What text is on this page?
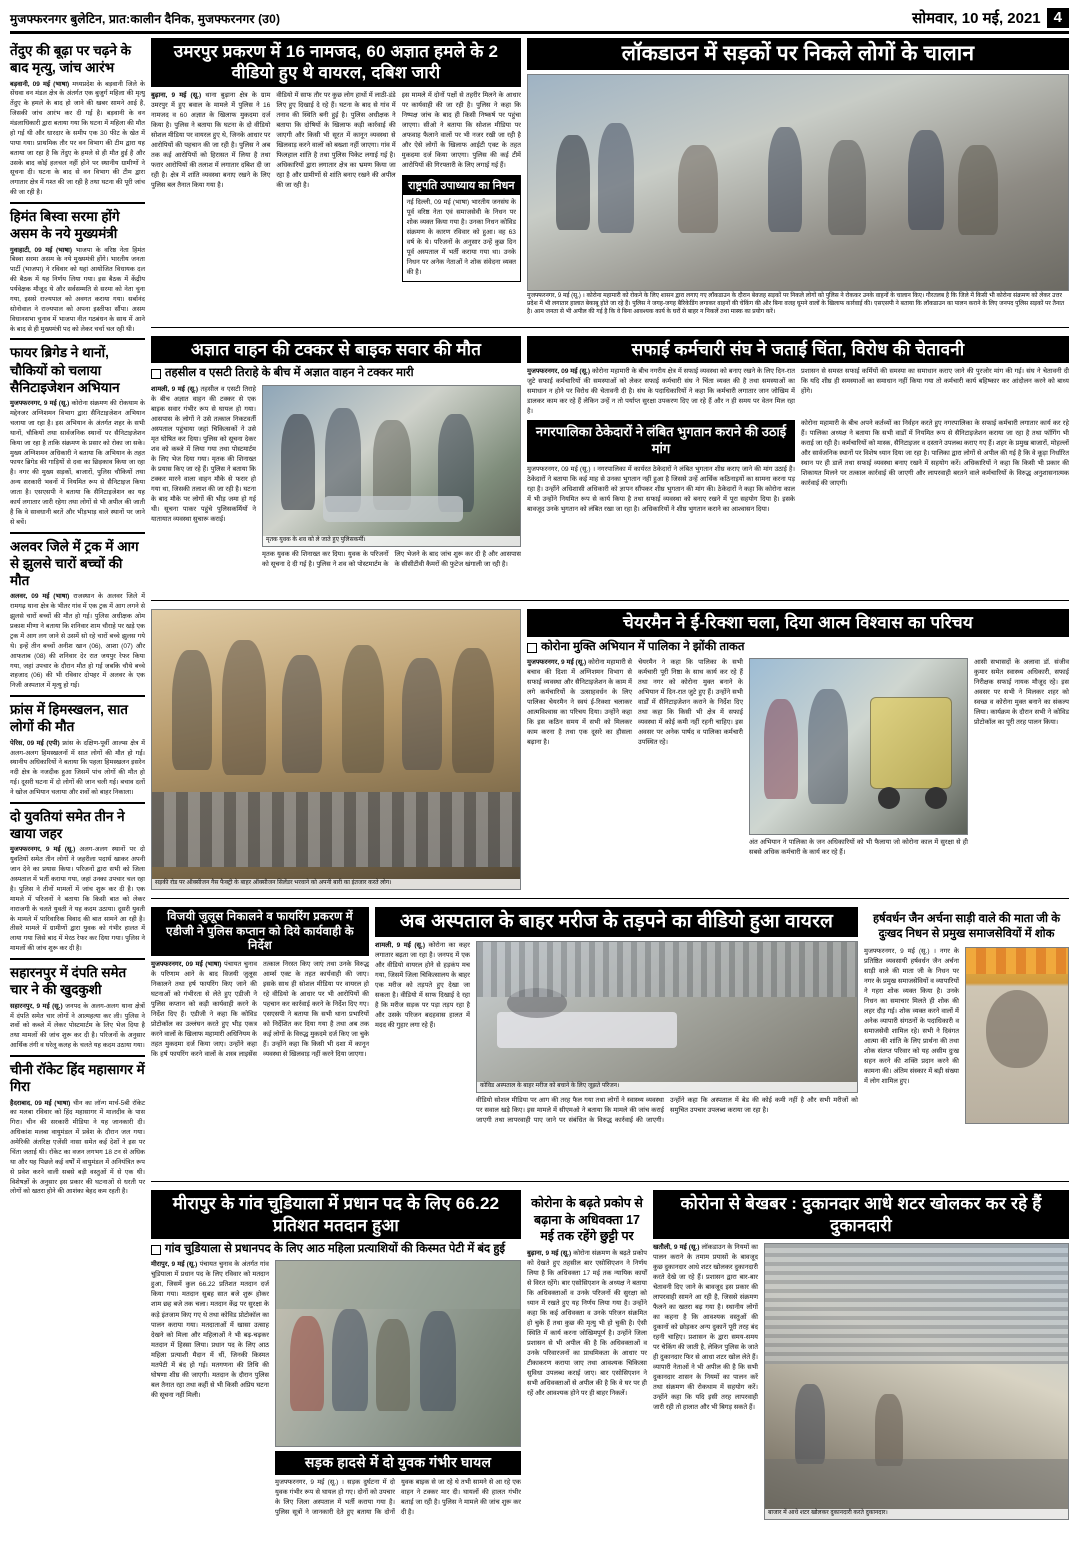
मुजफ्फरनगर बुलेटिन, प्रात:कालीन दैनिक, मुजफ्फरनगर (उ0)	सोमवार, 10 मई, 2021 4
तेंदुए की बूढ़ा पर चढ़ने के बाद मृत्यु, जांच आरंभ
बड़वानी, 09 मई (भाषा) मध्यप्रदेश के बड़वानी जिले के सेंधवा वन मंडल क्षेत्र के अंतर्गत एक बुजुर्ग महिला की मृत्यु तेंदुए के हमले के बाद हो जाने की खबर सामने आई है, जिसकी जांच आरंभ कर दी गई है। बड़वानी के वन मंडलाधिकारी द्वारा बताया गया कि घटना में महिला की मौत हो गई थी और धारदार के समीप एक 30 फीट के खेत में पाया गया। प्राथमिक तौर पर वन विभाग की टीम द्वारा यह बताया जा रहा है कि तेंदुए के हमले से ही मौत हुई है और उसके बाद कोई हलचल नहीं होने पर स्थानीय ग्रामीणों ने सूचना दी। घटना के बाद से वन विभाग की टीम द्वारा लगातार क्षेत्र में गश्त की जा रही है तथा घटना की पूरी जांच की जा रही है।
हिमंत बिस्वा सरमा होंगे असम के नये मुख्यमंत्री
गुवाहाटी, 09 मई (भाषा) भाजपा के वरिष्ठ नेता हिमंत बिस्वा सरमा असम के नये मुख्यमंत्री होंगे। भारतीय जनता पार्टी (भाजपा) ने रविवार को यहां आयोजित विधायक दल की बैठक में यह निर्णय लिया गया। इस बैठक में केंद्रीय पर्यवेक्षक मौजूद थे और सर्वसम्मति से सरमा को नेता चुना गया, इससे राज्यपाल को अवगत कराया गया। सर्बानंद सोनोवाल ने राज्यपाल को अपना इस्तीफा सौंपा। असम विधानसभा चुनाव में भाजपा नीत गठबंधन के साथ में आने के बाद से ही मुख्यमंत्री पद को लेकर चर्चा चल रही थी।
फायर ब्रिगेड ने थानों, चौकियों को चलाया सैनिटाइजेशन अभियान
मुजफ्फरनगर, 9 मई (सू.) कोरोना संक्रमण की रोकथाम के मद्देनजर अग्निशमन विभाग द्वारा सैनिटाइजेशन अभियान चलाया जा रहा है। इस अभियान के अंतर्गत शहर के सभी थानों, चौकियों तथा सार्वजनिक स्थानों पर सैनिटाइजेशन किया जा रहा है ताकि संक्रमण के प्रसार को रोका जा सके। मुख्य अग्निशमन अधिकारी ने बताया कि अभियान के तहत फायर ब्रिगेड की गाड़ियों से दवा का छिड़काव किया जा रहा है। नगर की मुख्य सड़कों, बाजारों, पुलिस चौकियों तथा अन्य सरकारी भवनों में नियमित रूप से सैनिटाइज किया जाता है। एसएसपी ने बताया कि सैनिटाइजेशन का यह कार्य लगातार जारी रहेगा तथा लोगों से भी अपील की जाती है कि वे सावधानी बरतें और भीड़भाड़ वाले स्थानों पर जाने से बचें।
अलवर जिले में ट्रक में आग से झुलसे चारों बच्चों की मौत
अलवर, 09 मई (भाषा) राजस्थान के अलवर जिले में रामगढ़ थाना क्षेत्र के भीतर गांव में एक ट्रक में आग लगने से झुलसे चारों बच्चों की मौत हो गई। पुलिस अधीक्षक ओम प्रकाश मीणा ने बताया कि शनिवार शाम चौराहे पर खड़े एक ट्रक में आग लग जाने से उसमें सो रहे चारों बच्चे झुलस गये थे। इन्हें तीन बच्चों अनीश खान (06), आशा (07) और आफताब (08) की शनिवार देर रात जयपुर रेफर किया गया, जहां उपचार के दौरान मौत हो गई जबकि चौथे बच्चे शहजाद (06) की भी रविवार दोपहर में अलवर के एक निजी अस्पताल में मृत्यु हो गई।
फ्रांस में हिमस्खलन, सात लोगों की मौत
पेरिस, 09 मई (एपी) फ्रांस के दक्षिण-पूर्वी आल्प्स क्षेत्र में अलग-अलग हिमस्खलनों में सात लोगों की मौत हो गई। स्थानीय अधिकारियों ने बताया कि पहला हिमस्खलन इसरेन नदी क्षेत्र के नजदीक हुआ जिसमें पांच लोगों की मौत हो गई। दूसरी घटना में दो लोगों की जान चली गई। बचाव दलों ने खोज अभियान चलाया और शवों को बाहर निकाला।
दो युवतियां समेत तीन ने खाया जहर
मुजफ्फरनगर, 9 मई (सू.) अलग-अलग स्थानों पर दो युवतियों समेत तीन लोगों ने जहरीला पदार्थ खाकर अपनी जान देने का प्रयास किया। परिजनों द्वारा सभी को जिला अस्पताल में भर्ती कराया गया, जहां उनका उपचार चल रहा है। पुलिस ने तीनों मामलों में जांच शुरू कर दी है। एक मामले में परिजनों ने बताया कि किसी बात को लेकर नाराजगी के चलते युवती ने यह कदम उठाया। दूसरी युवती के मामले में पारिवारिक विवाद की बात सामने आ रही है। तीसरे मामले में ग्रामीणों द्वारा युवक को गंभीर हालत में लाया गया जिसे बाद में मेरठ रेफर कर दिया गया। पुलिस ने मामलों की जांच शुरू कर दी है।
सहारनपुर में दंपति समेत चार ने की खुदकुशी
सहारनपुर, 9 मई (सू.) जनपद के अलग-अलग थाना क्षेत्रों में दंपति समेत चार लोगों ने आत्महत्या कर ली। पुलिस ने शवों को कब्जे में लेकर पोस्टमार्टम के लिए भेज दिया है तथा मामलों की जांच शुरू कर दी है। परिजनों के अनुसार आर्थिक तंगी व घरेलू कलह के चलते यह कदम उठाया गया।
चीनी रॉकेट हिंद महासागर में गिरा
हैदराबाद, 09 मई (भाषा) चीन का लॉन्ग मार्च-5बी रॉकेट का मलबा रविवार को हिंद महासागर में मालदीव के पास गिरा। चीन की सरकारी मीडिया ने यह जानकारी दी। अधिकांश मलबा वायुमंडल में प्रवेश के दौरान जल गया। अमेरिकी अंतरिक्ष एजेंसी नासा समेत कई देशों ने इस पर चिंता जताई थी। रॉकेट का वजन लगभग 18 टन से अधिक था और यह पिछले कई वर्षों में वायुमंडल में अनियंत्रित रूप से प्रवेश करने वाली सबसे बड़ी वस्तुओं में से एक थी। विशेषज्ञों के अनुसार इस प्रकार की घटनाओं से धरती पर लोगों को खतरा होने की आशंका बेहद कम रहती है।
उमरपुर प्रकरण में 16 नामजद, 60 अज्ञात हमले के 2 वीडियो हुए थे वायरल, दबिश जारी
बुढ़ाना, 9 मई (सू.) थाना बुढ़ाना क्षेत्र के ग्राम उमरपुर में हुए बवाल के मामले में पुलिस ने 16 नामजद व 60 अज्ञात के खिलाफ मुकदमा दर्ज किया है। पुलिस ने बताया कि घटना के दो वीडियो सोशल मीडिया पर वायरल हुए थे, जिनके आधार पर आरोपियों की पहचान की जा रही है। पुलिस ने अब तक कई आरोपियों को हिरासत में लिया है तथा फरार आरोपियों की तलाश में लगातार दबिश दी जा रही है। क्षेत्र में शांति व्यवस्था बनाए रखने के लिए पुलिस बल तैनात किया गया है।
वीडियो में साफ तौर पर कुछ लोग हाथों में लाठी-डंडे लिए हुए दिखाई दे रहे हैं। घटना के बाद से गांव में तनाव की स्थिति बनी हुई है। पुलिस अधीक्षक ने बताया कि दोषियों के खिलाफ कड़ी कार्रवाई की जाएगी और किसी भी सूरत में कानून व्यवस्था से खिलवाड़ करने वालों को बख्शा नहीं जाएगा। गांव में फिलहाल शांति है तथा पुलिस पिकेट लगाई गई है। अधिकारियों द्वारा लगातार क्षेत्र का भ्रमण किया जा रहा है और ग्रामीणों से शांति बनाए रखने की अपील की जा रही है।
इस मामले में दोनों पक्षों से तहरीर मिलने के आधार पर कार्यवाही की जा रही है। पुलिस ने कहा कि निष्पक्ष जांच के बाद ही किसी निष्कर्ष पर पहुंचा जाएगा। सीओ ने बताया कि सोशल मीडिया पर अफवाह फैलाने वालों पर भी नजर रखी जा रही है और ऐसे लोगों के खिलाफ आईटी एक्ट के तहत मुकदमा दर्ज किया जाएगा। पुलिस की कई टीमें आरोपियों की गिरफ्तारी के लिए लगाई गई हैं।
राष्ट्रपति उपाध्याय का निधन
नई दिल्ली, 09 मई (भाषा) भारतीय जनसंघ के पूर्व वरिष्ठ नेता एवं समाजसेवी के निधन पर शोक व्यक्त किया गया है। उनका निधन कोविड संक्रमण के कारण रविवार को हुआ। वह 63 वर्ष के थे। परिजनों के अनुसार उन्हें कुछ दिन पूर्व अस्पताल में भर्ती कराया गया था। उनके निधन पर अनेक नेताओं ने शोक संवेदना व्यक्त की है।
लॉकडाउन में सड़कों पर निकले लोगों के चालान
मुजफ्फरनगर, 9 मई (सू.) । कोरोना महामारी को रोकने के लिए शासन द्वारा लगाए गए लॉकडाउन के दौरान बेवजह सड़कों पर निकले लोगों को पुलिस ने रोककर उनके वाहनों के चालान किए। गौरतलब है कि जिले में किसी भी कोरोना संक्रमण को लेकर उत्तर प्रदेश में भी लगातार हालात बेकाबू होते जा रहे हैं। पुलिस ने जगह-जगह बैरिकेडिंग लगाकर वाहनों की चेकिंग की और बिना वजह घूमने वालों के खिलाफ कार्रवाई की। एसएसपी ने बताया कि लॉकडाउन का पालन कराने के लिए जनपद पुलिस सड़कों पर तैनात है। आम जनता से भी अपील की गई है कि वे बिना आवश्यक कार्य के घरों से बाहर न निकलें तथा मास्क का प्रयोग करें।
अज्ञात वाहन की टक्कर से बाइक सवार की मौत
तहसील व एसटी तिराहे के बीच में अज्ञात वाहन ने टक्कर मारी
शामली, 9 मई (सू.) तहसील व एसटी तिराहे के बीच अज्ञात वाहन की टक्कर से एक बाइक सवार गंभीर रूप से घायल हो गया। आसपास के लोगों ने उसे तत्काल निकटवर्ती अस्पताल पहुंचाया जहां चिकित्सकों ने उसे मृत घोषित कर दिया। पुलिस को सूचना देकर शव को कब्जे में लिया गया तथा पोस्टमार्टम के लिए भेज दिया गया। मृतक की शिनाख्त के प्रयास किए जा रहे हैं। पुलिस ने बताया कि टक्कर मारने वाला वाहन मौके से फरार हो गया था, जिसकी तलाश की जा रही है। घटना के बाद मौके पर लोगों की भीड़ जमा हो गई थी। सूचना पाकर पहुंचे पुलिसकर्मियों ने यातायात व्यवस्था सुचारू कराई।
मृतक युवक के शव को ले जाते हुए पुलिसकर्मी।
मृतक युवक की शिनाख्त कर दिया। युवक के परिजनों को सूचना दे दी गई है। पुलिस ने शव को पोस्टमार्टम के लिए भेजने के बाद जांच शुरू कर दी है और आसपास के सीसीटीवी कैमरों की फुटेज खंगाली जा रही है।
सफाई कर्मचारी संघ ने जताई चिंता, विरोध की चेतावनी
मुजफ्फरनगर, 09 मई (सू.) कोरोना महामारी के बीच नगरीय क्षेत्र में सफाई व्यवस्था को बनाए रखने के लिए दिन-रात जुटे सफाई कर्मचारियों की समस्याओं को लेकर सफाई कर्मचारी संघ ने चिंता व्यक्त की है तथा समस्याओं का समाधान न होने पर विरोध की चेतावनी दी है। संघ के पदाधिकारियों ने कहा कि कर्मचारी लगातार जान जोखिम में डालकर काम कर रहे हैं लेकिन उन्हें न तो पर्याप्त सुरक्षा उपकरण दिए जा रहे हैं और न ही समय पर वेतन मिल रहा है।
नगरपालिका ठेकेदारों ने लंबित भुगतान कराने की उठाई मांग
मुजफ्फरनगर, 09 मई (सू.) । नगरपालिका में कार्यरत ठेकेदारों ने लंबित भुगतान शीघ्र कराए जाने की मांग उठाई है। ठेकेदारों ने बताया कि कई माह से उनका भुगतान नहीं हुआ है जिससे उन्हें आर्थिक कठिनाइयों का सामना करना पड़ रहा है। उन्होंने अधिशासी अधिकारी को ज्ञापन सौंपकर शीघ्र भुगतान की मांग की। ठेकेदारों ने कहा कि कोरोना काल में भी उन्होंने नियमित रूप से कार्य किया है तथा सफाई व्यवस्था को बनाए रखने में पूरा सहयोग दिया है। इसके बावजूद उनके भुगतान को लंबित रखा जा रहा है। अधिकारियों ने शीघ्र भुगतान कराने का आश्वासन दिया।
प्रशासन से समस्त सफाई कर्मियों की समस्या का समाधान कराए जाने की पुरजोर मांग की गई। संघ ने चेतावनी दी कि यदि शीघ्र ही समस्याओं का समाधान नहीं किया गया तो कर्मचारी कार्य बहिष्कार कर आंदोलन करने को बाध्य होंगे।
कोरोना महामारी के बीच अपने कर्तव्यों का निर्वहन करते हुए नगरपालिका के सफाई कर्मचारी लगातार कार्य कर रहे हैं। पालिका अध्यक्ष ने बताया कि सभी वार्डों में नियमित रूप से सैनिटाइजेशन कराया जा रहा है तथा फॉगिंग भी कराई जा रही है। कर्मचारियों को मास्क, सैनिटाइजर व दस्ताने उपलब्ध कराए गए हैं। शहर के प्रमुख बाजारों, मोहल्लों और सार्वजनिक स्थानों पर विशेष ध्यान दिया जा रहा है। पालिका द्वारा लोगों से अपील की गई है कि वे कूड़ा निर्धारित स्थान पर ही डालें तथा सफाई व्यवस्था बनाए रखने में सहयोग करें। अधिकारियों ने कहा कि किसी भी प्रकार की शिकायत मिलने पर तत्काल कार्रवाई की जाएगी और लापरवाही बरतने वाले कर्मचारियों के विरुद्ध अनुशासनात्मक कार्रवाई की जाएगी।
सड़की रोड पर ऑक्सीजन गैस फैक्ट्री के बाहर ऑक्सीजन सिलेंडर भरवाने को अपनी बारी का इंतजार करते लोग।
चेयरमैन ने ई-रिक्शा चला, दिया आत्म विश्वास का परिचय
कोरोना मुक्ति अभियान में पालिका ने झोंकी ताकत
मुजफ्फरनगर, 9 मई (सू.) कोरोना महामारी से बचाव की दिशा में अग्निशमन विभाग से सफाई व्यवस्था और सैनिटाइजेशन के काम में लगे कर्मचारियों के उत्साहवर्धन के लिए पालिका चेयरमैन ने स्वयं ई-रिक्शा चलाकर आत्मविश्वास का परिचय दिया। उन्होंने कहा कि इस कठिन समय में सभी को मिलकर काम करना है तथा एक दूसरे का हौसला बढ़ाना है।
चेयरमैन ने कहा कि पालिका के सभी कर्मचारी पूरी निष्ठा के साथ कार्य कर रहे हैं तथा नगर को कोरोना मुक्त बनाने के अभियान में दिन-रात जुटे हुए हैं। उन्होंने सभी वार्डों में सैनिटाइजेशन कराने के निर्देश दिए तथा कहा कि किसी भी क्षेत्र में सफाई व्यवस्था में कोई कमी नहीं रहनी चाहिए। इस अवसर पर अनेक पार्षद व पालिका कर्मचारी उपस्थित रहे।
अंत अभियान ने पालिका के जन अधिकारियों को भी फैलाया जो कोरोना काल में सुरक्षा से ही सबसे अधिक कर्मचारी के कार्य कर रहे हैं।
आसी सभासदों के अलावा डॉ. संजीव कुमार समेत स्वास्थ्य अधिकारी, सफाई निरीक्षक सफाई नायक मौजूद रहे। इस अवसर पर सभी ने मिलकर शहर को स्वच्छ व कोरोना मुक्त बनाने का संकल्प लिया। कार्यक्रम के दौरान सभी ने कोविड प्रोटोकॉल का पूरी तरह पालन किया।
विजयी जुलूस निकालने व फायरिंग प्रकरण में एडीजी ने पुलिस कप्तान को दिये कार्यवाही के निर्देश
मुजफ्फरनगर, 09 मई (भाषा) पंचायत चुनाव के परिणाम आने के बाद विजयी जुलूस निकालने तथा हर्ष फायरिंग किए जाने की घटनाओं को गंभीरता से लेते हुए एडीजी ने पुलिस कप्तान को कड़ी कार्यवाही करने के निर्देश दिए हैं। एडीजी ने कहा कि कोविड प्रोटोकॉल का उल्लंघन करते हुए भीड़ एकत्र करने वालों के खिलाफ महामारी अधिनियम के तहत मुकदमा दर्ज किया जाए। उन्होंने कहा कि हर्ष फायरिंग करने वालों के शस्त्र लाइसेंस तत्काल निरस्त किए जाएं तथा उनके विरुद्ध आर्म्स एक्ट के तहत कार्यवाही की जाए। इसके साथ ही सोशल मीडिया पर वायरल हो रहे वीडियो के आधार पर भी आरोपियों की पहचान कर कार्रवाई करने के निर्देश दिए गए। एसएसपी ने बताया कि सभी थाना प्रभारियों को निर्देशित कर दिया गया है तथा अब तक कई लोगों के विरुद्ध मुकदमे दर्ज किए जा चुके हैं। उन्होंने कहा कि किसी भी दशा में कानून व्यवस्था से खिलवाड़ नहीं करने दिया जाएगा।
अब अस्पताल के बाहर मरीज के तड़पने का वीडियो हुआ वायरल
शामली, 9 मई (सू.) कोरोना का कहर लगातार बढ़ता जा रहा है। जनपद में एक और वीडियो वायरल होने से हड़कंप मच गया, जिसमें जिला चिकित्सालय के बाहर एक मरीज को तड़पते हुए देखा जा सकता है। वीडियो में साफ दिखाई दे रहा है कि मरीज सड़क पर पड़ा तड़प रहा है और उसके परिजन बदहवास हालत में मदद की गुहार लगा रहे हैं।
कोविड अस्पताल के बाहर मरीज को बचाने के लिए जूझते परिजन।
वीडियो सोशल मीडिया पर आग की तरह फैल गया तथा लोगों ने स्वास्थ्य व्यवस्था पर सवाल खड़े किए। इस मामले में सीएमओ ने बताया कि मामले की जांच कराई जाएगी तथा लापरवाही पाए जाने पर संबंधित के विरुद्ध कार्रवाई की जाएगी। उन्होंने कहा कि अस्पताल में बेड की कोई कमी नहीं है और सभी मरीजों को समुचित उपचार उपलब्ध कराया जा रहा है।
हर्षवर्धन जैन अर्चना साड़ी वाले की माता जी के दुःखद निधन से प्रमुख समाजसेवियों में शोक
मुजफ्फरनगर, 9 मई (सू.) । नगर के प्रतिष्ठित व्यवसायी हर्षवर्धन जैन अर्चना साड़ी वाले की माता जी के निधन पर नगर के प्रमुख समाजसेवियों व व्यापारियों ने गहरा शोक व्यक्त किया है। उनके निधन का समाचार मिलते ही शोक की लहर दौड़ गई। शोक व्यक्त करने वालों में अनेक व्यापारी संगठनों के पदाधिकारी व समाजसेवी शामिल रहे। सभी ने दिवंगत आत्मा की शांति के लिए प्रार्थना की तथा शोक संतप्त परिवार को यह असीम दुःख सहन करने की शक्ति प्रदान करने की कामना की। अंतिम संस्कार में बड़ी संख्या में लोग शामिल हुए।
मीरापुर के गांव चुडि़याला में प्रधान पद के लिए 66.22 प्रतिशत मतदान हुआ
गांव चुडि़याला से प्रधानपद के लिए आठ महिला प्रत्याशियों की किस्मत पेटी में बंद हुई
मीरापुर, 9 मई (सू.) पंचायत चुनाव के अंतर्गत गांव चुडि़याला में प्रधान पद के लिए रविवार को मतदान हुआ, जिसमें कुल 66.22 प्रतिशत मतदान दर्ज किया गया। मतदान सुबह सात बजे शुरू होकर शाम छह बजे तक चला। मतदान केंद्र पर सुरक्षा के कड़े इंतजाम किए गए थे तथा कोविड प्रोटोकॉल का पालन कराया गया। मतदाताओं में खासा उत्साह देखने को मिला और महिलाओं ने भी बढ़-चढ़कर मतदान में हिस्सा लिया। प्रधान पद के लिए आठ महिला प्रत्याशी मैदान में थीं, जिनकी किस्मत मतपेटी में बंद हो गई। मतगणना की तिथि की घोषणा शीघ्र की जाएगी। मतदान के दौरान पुलिस बल तैनात रहा तथा कहीं से भी किसी अप्रिय घटना की सूचना नहीं मिली।
सड़क हादसे में दो युवक गंभीर घायल
मुजफ्फरनगर, 9 मई (सू.) । सड़क दुर्घटना में दो युवक गंभीर रूप से घायल हो गए। दोनों को उपचार के लिए जिला अस्पताल में भर्ती कराया गया है। पुलिस सूत्रों ने जानकारी देते हुए बताया कि दोनों युवक बाइक से जा रहे थे तभी सामने से आ रहे एक वाहन ने टक्कर मार दी। घायलों की हालत गंभीर बताई जा रही है। पुलिस ने मामले की जांच शुरू कर दी है।
कोरोना के बढ़ते प्रकोप से बढ़ाना के अधिवक्ता 17 मई तक रहेंगे छुट्टी पर
बुढ़ाना, 9 मई (सू.) कोरोना संक्रमण के बढ़ते प्रकोप को देखते हुए तहसील बार एसोसिएशन ने निर्णय लिया है कि अधिवक्ता 17 मई तक न्यायिक कार्यों से विरत रहेंगे। बार एसोसिएशन के अध्यक्ष ने बताया कि अधिवक्ताओं व उनके परिजनों की सुरक्षा को ध्यान में रखते हुए यह निर्णय लिया गया है। उन्होंने कहा कि कई अधिवक्ता व उनके परिजन संक्रमित हो चुके हैं तथा कुछ की मृत्यु भी हो चुकी है। ऐसी स्थिति में कार्य करना जोखिमपूर्ण है। उन्होंने जिला प्रशासन से भी अपील की है कि अधिवक्ताओं व उनके परिवारजनों का प्राथमिकता के आधार पर टीकाकरण कराया जाए तथा आवश्यक चिकित्सा सुविधा उपलब्ध कराई जाए। बार एसोसिएशन ने सभी अधिवक्ताओं से अपील की है कि वे घर पर ही रहें और आवश्यक होने पर ही बाहर निकलें।
कोरोना से बेखबर : दुकानदार आधे शटर खोलकर कर रहे हैं दुकानदारी
खतौली, 9 मई (सू.) लॉकडाउन के नियमों का पालन कराने के तमाम प्रयासों के बावजूद कुछ दुकानदार आधे शटर खोलकर दुकानदारी करते देखे जा रहे हैं। प्रशासन द्वारा बार-बार चेतावनी दिए जाने के बावजूद इस प्रकार की लापरवाही सामने आ रही है, जिससे संक्रमण फैलने का खतरा बढ़ गया है। स्थानीय लोगों का कहना है कि आवश्यक वस्तुओं की दुकानों को छोड़कर अन्य दुकानें पूरी तरह बंद रहनी चाहिए। प्रशासन के द्वारा समय-समय पर चेकिंग की जाती है, लेकिन पुलिस के जाते ही दुकानदार फिर से आधा शटर खोल लेते हैं। व्यापारी नेताओं ने भी अपील की है कि सभी दुकानदार शासन के नियमों का पालन करें तथा संक्रमण की रोकथाम में सहयोग करें। उन्होंने कहा कि यदि इसी तरह लापरवाही जारी रही तो हालात और भी बिगड़ सकते हैं।
बाजार में आधे शटर खोलकर दुकानदारी करते दुकानदार।
